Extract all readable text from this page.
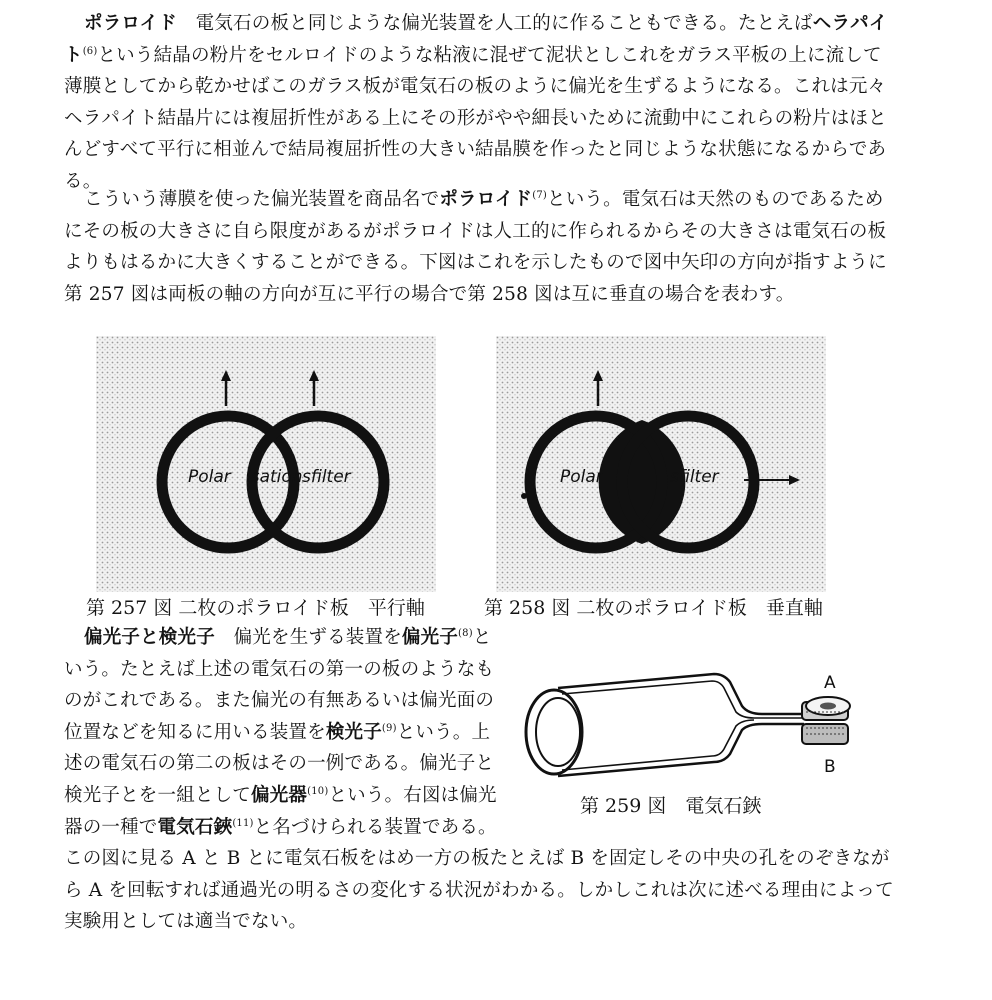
ポラロイド　 電気石の板と同じような偏光装置を人工的に作ることもできる。たとえばヘラパイト$^{(6)}$という結晶の粉片をセルロイドのような粘液に混ぜて泥状としこれをガラス平板の上に流して薄膜としてから乾かせばこのガラス板が電気石の板のように偏光を生ずるようになる。これは元々ヘラパイト結晶片には複屈折性がある上にその形がやや細長いために流動中にこれらの粉片はほとんどすべて平行に相並んで結局複屈折性の大きい結晶膜を作ったと同じような状態になるからである。

こういう薄膜を使った偏光装置を商品名でポラロイド$^{(7)}$という。電気石は天然のものであるためにその板の大きさに自ら限度があるがポラロイドは人工的に作られるからその大きさは電気石の板よりもはるかに大きくすることができる。下図はこれを示したもので図中矢印の方向が指すように第 257 図は両板の軸の方向が互に平行の場合で第 258 図は互に垂直の場合を表わす。

Polar isation sfilter
第 257 図 二枚のポラロイド板　平行軸
Polar	sfilter
第 258 図 二枚のポラロイド板　垂直軸
A
B
第 259 図　電気石鋏

偏光子と検光子　 偏光を生ずる装置を偏光子$^{(8)}$という。たとえば上述の電気石の第一の板のようなものがこれである。また偏光の有無あるいは偏光面の位置などを知るに用いる装置を検光子$^{(9)}$という。上述の電気石の第二の板はその一例である。偏光子と検光子とを一組として偏光器$^{(10)}$という。右図は偏光器の一種で電気石鋏$^{(11)}$と名づけられる装置である。この図に見る A と B とに電気石板をはめ一方の板たとえば B を固定しその中央の孔をのぞきながら A を回転すれば通過光の明るさの変化する状況がわかる。しかしこれは次に述べる理由によって実験用としては適当でない。
